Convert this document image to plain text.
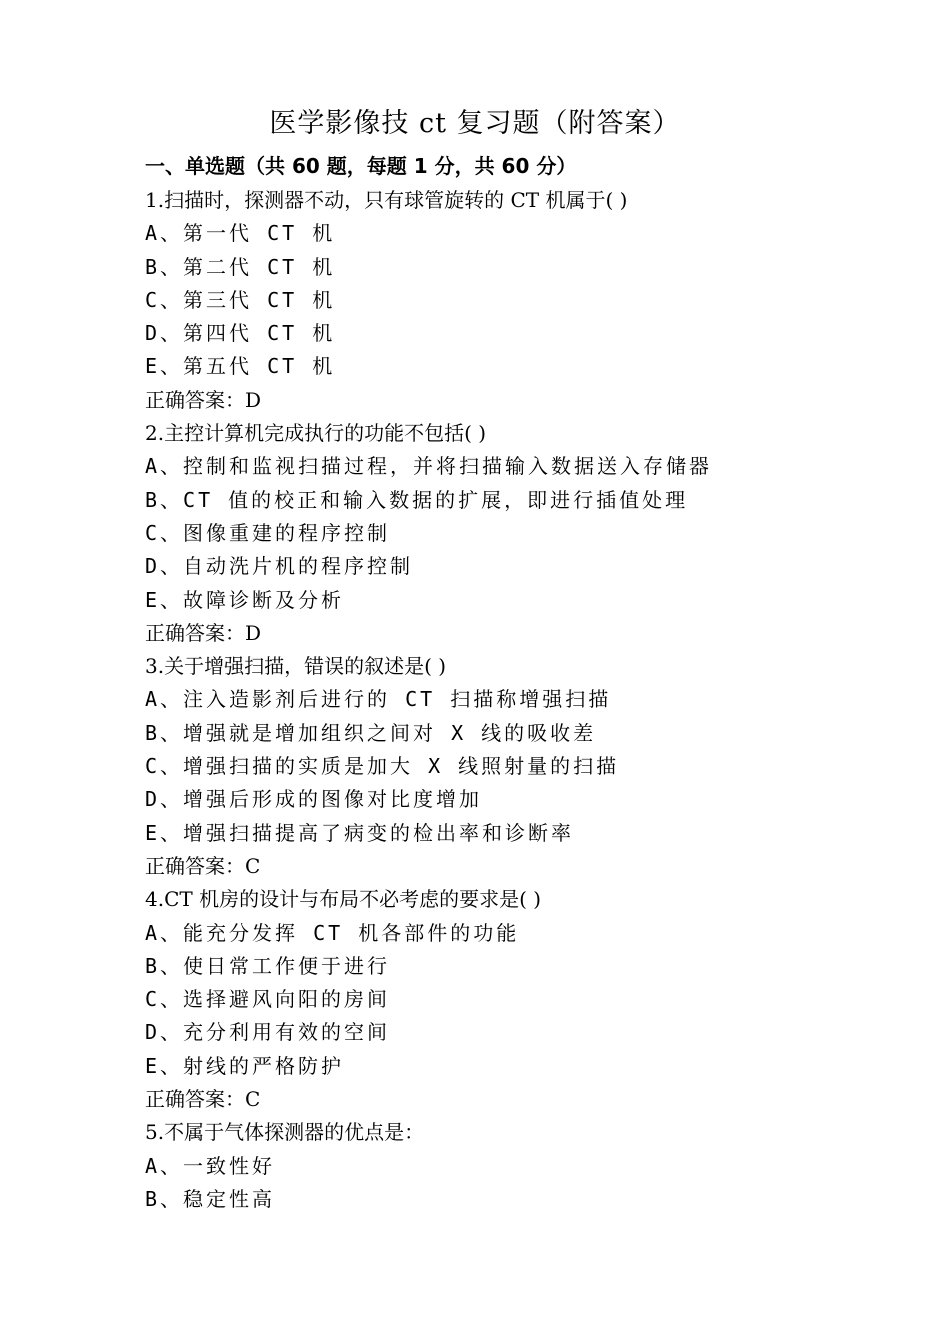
医学影像技 ct 复习题（附答案）
一、单选题（共 60 题，每题 1 分，共 60 分）
1.扫描时，探测器不动，只有球管旋转的 CT 机属于( )
A、第一代 CT 机
B、第二代 CT 机
C、第三代 CT 机
D、第四代 CT 机
E、第五代 CT 机
正确答案：D
2.主控计算机完成执行的功能不包括( )
A、控制和监视扫描过程，并将扫描输入数据送入存储器
B、CT 值的校正和输入数据的扩展，即进行插值处理
C、图像重建的程序控制
D、自动洗片机的程序控制
E、故障诊断及分析
正确答案：D
3.关于增强扫描，错误的叙述是( )
A、注入造影剂后进行的 CT 扫描称增强扫描
B、增强就是增加组织之间对 X 线的吸收差
C、增强扫描的实质是加大 X 线照射量的扫描
D、增强后形成的图像对比度增加
E、增强扫描提高了病变的检出率和诊断率
正确答案：C
4.CT 机房的设计与布局不必考虑的要求是( )
A、能充分发挥 CT 机各部件的功能
B、使日常工作便于进行
C、选择避风向阳的房间
D、充分利用有效的空间
E、射线的严格防护
正确答案：C
5.不属于气体探测器的优点是：
A、一致性好
B、稳定性高
